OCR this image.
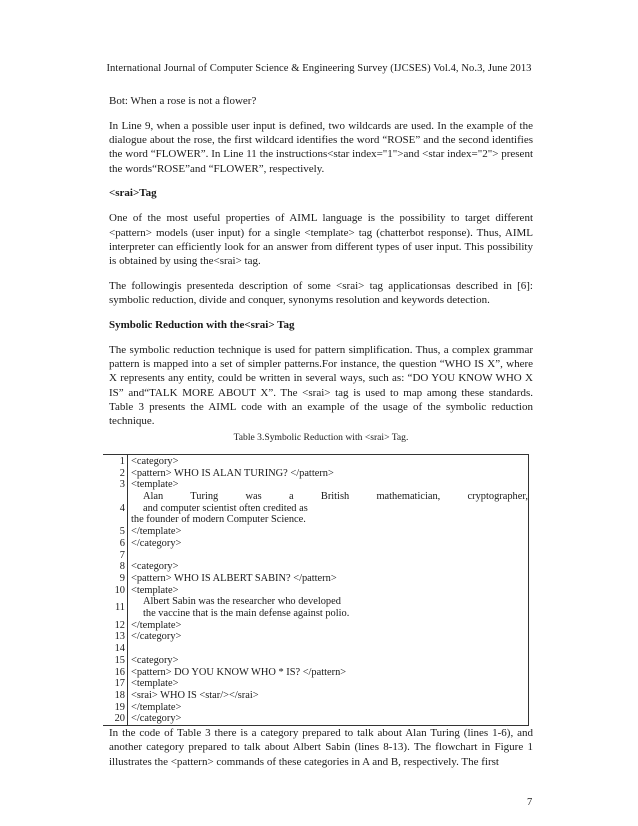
International Journal of Computer Science & Engineering Survey (IJCSES) Vol.4, No.3, June 2013

Bot: When a rose is not a flower?

In Line 9, when a possible user input is defined, two wildcards are used. In the example of the dialogue about the rose, the first wildcard identifies the word “ROSE” and the second identifies the word “FLOWER”. In Line 11 the instructions<star index="1">and <star index="2"> present the words“ROSE”and “FLOWER”, respectively.

<srai>Tag

One of the most useful properties of AIML language is the possibility to target different <pattern> models (user input) for a single <template> tag (chatterbot response). Thus, AIML interpreter can efficiently look for an answer from different types of user input. This possibility is obtained by using the<srai> tag.

The followingis presenteda description of some <srai> tag applicationsas described in [6]: symbolic reduction, divide and conquer, synonyms resolution and keywords detection.

Symbolic Reduction with the<srai> Tag

The symbolic reduction technique is used for pattern simplification. Thus, a complex grammar pattern is mapped into a set of simpler patterns.For instance, the question “WHO IS X”, where X represents any entity, could be written in several ways, such as: “DO YOU KNOW WHO X IS” and“TALK MORE ABOUT X”. The <srai> tag is used to map among these standards. Table 3 presents the AIML code with an example of the usage of the symbolic reduction technique.

Table 3.Symbolic Reduction with <srai> Tag.
1	<category>
2	<pattern> WHO IS ALAN TURING? </pattern>
3	<template>
4	Alan Turing was a British mathematician, cryptographer,
and computer scientist often credited as
the founder of modern Computer Science.
5	</template>
6	</category>
7	
8	<category>
9	<pattern> WHO IS ALBERT SABIN? </pattern>
10	<template>
11	Albert Sabin was the researcher who developed
the vaccine that is the main defense against polio.

12	</template>
13	</category>
14	
15	<category>
16	<pattern> DO YOU KNOW WHO * IS? </pattern>
17	<template>
18	<srai> WHO IS <star/></srai>
19	</template>
20	</category>

In the code of Table 3 there is a category prepared to talk about Alan Turing (lines 1-6), and another category prepared to talk about Albert Sabin (lines 8-13). The flowchart in Figure 1 illustrates the <pattern> commands of these categories in A and B, respectively. The first

7
